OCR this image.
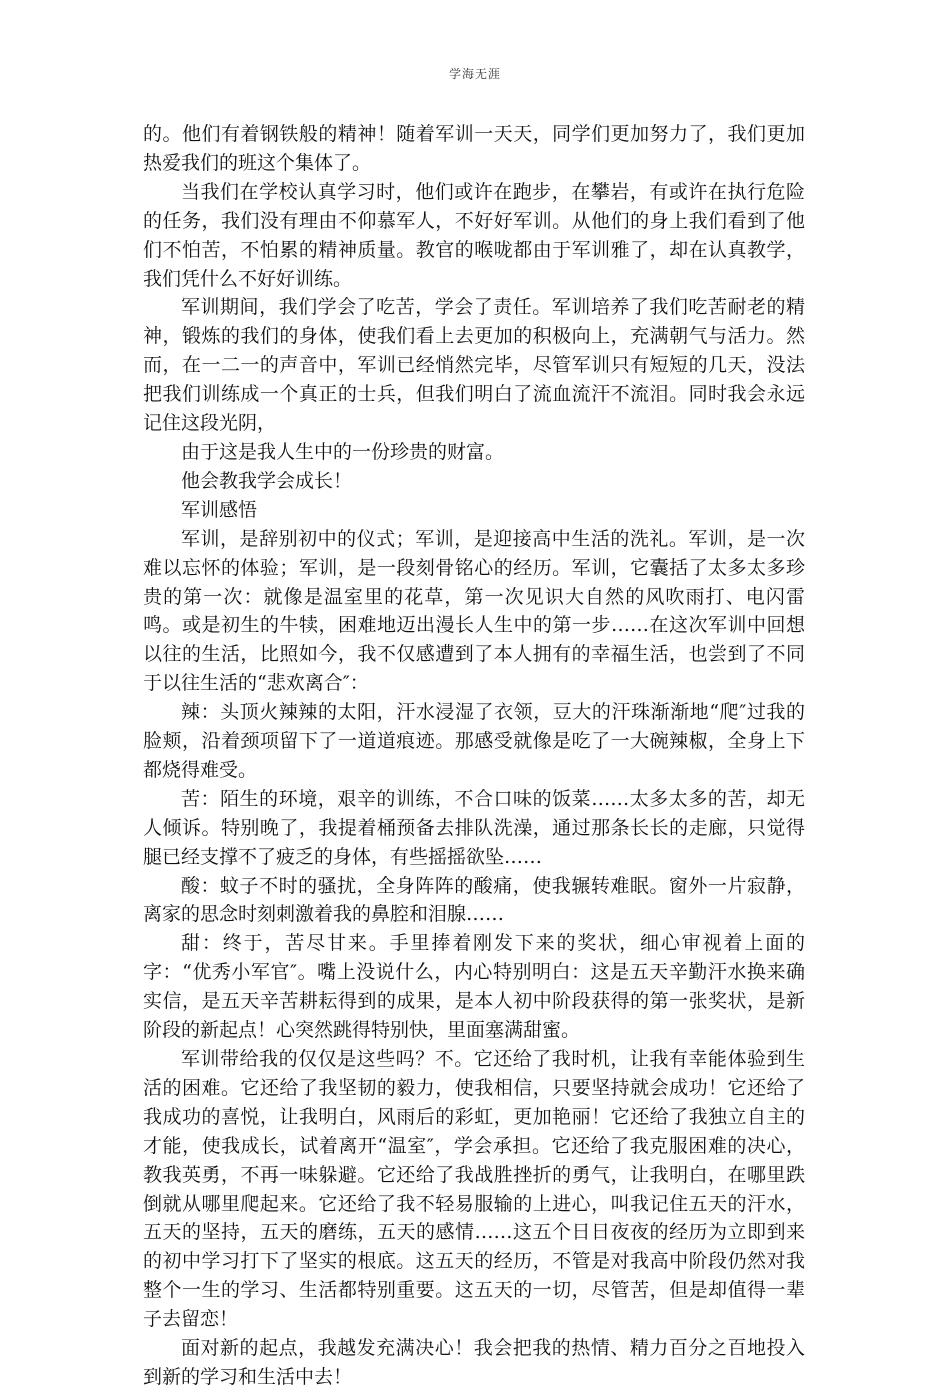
学海无涯

的。他们有着钢铁般的精神！随着军训一天天，同学们更加努力了，我们更加热爱我们的班这个集体了。

当我们在学校认真学习时，他们或许在跑步，在攀岩，有或许在执行危险的任务，我们没有理由不仰慕军人，不好好军训。从他们的身上我们看到了他们不怕苦，不怕累的精神质量。教官的喉咙都由于军训雅了，却在认真教学，我们凭什么不好好训练。

军训期间，我们学会了吃苦，学会了责任。军训培养了我们吃苦耐老的精神，锻炼的我们的身体，使我们看上去更加的积极向上，充满朝气与活力。然而，在一二一的声音中，军训已经悄然完毕，尽管军训只有短短的几天，没法把我们训练成一个真正的士兵，但我们明白了流血流汗不流泪。同时我会永远记住这段光阴，

由于这是我人生中的一份珍贵的财富。

他会教我学会成长！

军训感悟

军训，是辞别初中的仪式；军训，是迎接高中生活的洗礼。军训，是一次难以忘怀的体验；军训，是一段刻骨铭心的经历。军训，它囊括了太多太多珍贵的第一次：就像是温室里的花草，第一次见识大自然的风吹雨打、电闪雷鸣。或是初生的牛犊，困难地迈出漫长人生中的第一步……在这次军训中回想以往的生活，比照如今，我不仅感遭到了本人拥有的幸福生活，也尝到了不同于以往生活的“悲欢离合″：

辣：头顶火辣辣的太阳，汗水浸湿了衣领，豆大的汗珠渐渐地“爬″过我的脸颊，沿着颈项留下了一道道痕迹。那感受就像是吃了一大碗辣椒，全身上下都烧得难受。

苦：陌生的环境，艰辛的训练，不合口味的饭菜……太多太多的苦，却无人倾诉。特别晚了，我提着桶预备去排队洗澡，通过那条长长的走廊，只觉得腿已经支撑不了疲乏的身体，有些摇摇欲坠……

酸：蚊子不时的骚扰，全身阵阵的酸痛，使我辗转难眠。窗外一片寂静，离家的思念时刻刺激着我的鼻腔和泪腺……

甜：终于，苦尽甘来。手里捧着刚发下来的奖状，细心审视着上面的字：“优秀小军官″。嘴上没说什么，内心特别明白：这是五天辛勤汗水换来确实信，是五天辛苦耕耘得到的成果，是本人初中阶段获得的第一张奖状，是新阶段的新起点！心突然跳得特别快，里面塞满甜蜜。

军训带给我的仅仅是这些吗？不。它还给了我时机，让我有幸能体验到生活的困难。它还给了我坚韧的毅力，使我相信，只要坚持就会成功！它还给了我成功的喜悦，让我明白，风雨后的彩虹，更加艳丽！它还给了我独立自主的才能，使我成长，试着离开“温室″，学会承担。它还给了我克服困难的决心，教我英勇，不再一味躲避。它还给了我战胜挫折的勇气，让我明白，在哪里跌倒就从哪里爬起来。它还给了我不轻易服输的上进心，叫我记住五天的汗水，五天的坚持，五天的磨练，五天的感情……这五个日日夜夜的经历为立即到来的初中学习打下了坚实的根底。这五天的经历，不管是对我高中阶段仍然对我整个一生的学习、生活都特别重要。这五天的一切，尽管苦，但是却值得一辈子去留恋！

面对新的起点，我越发充满决心！我会把我的热情、精力百分之百地投入到新的学习和生活中去！
